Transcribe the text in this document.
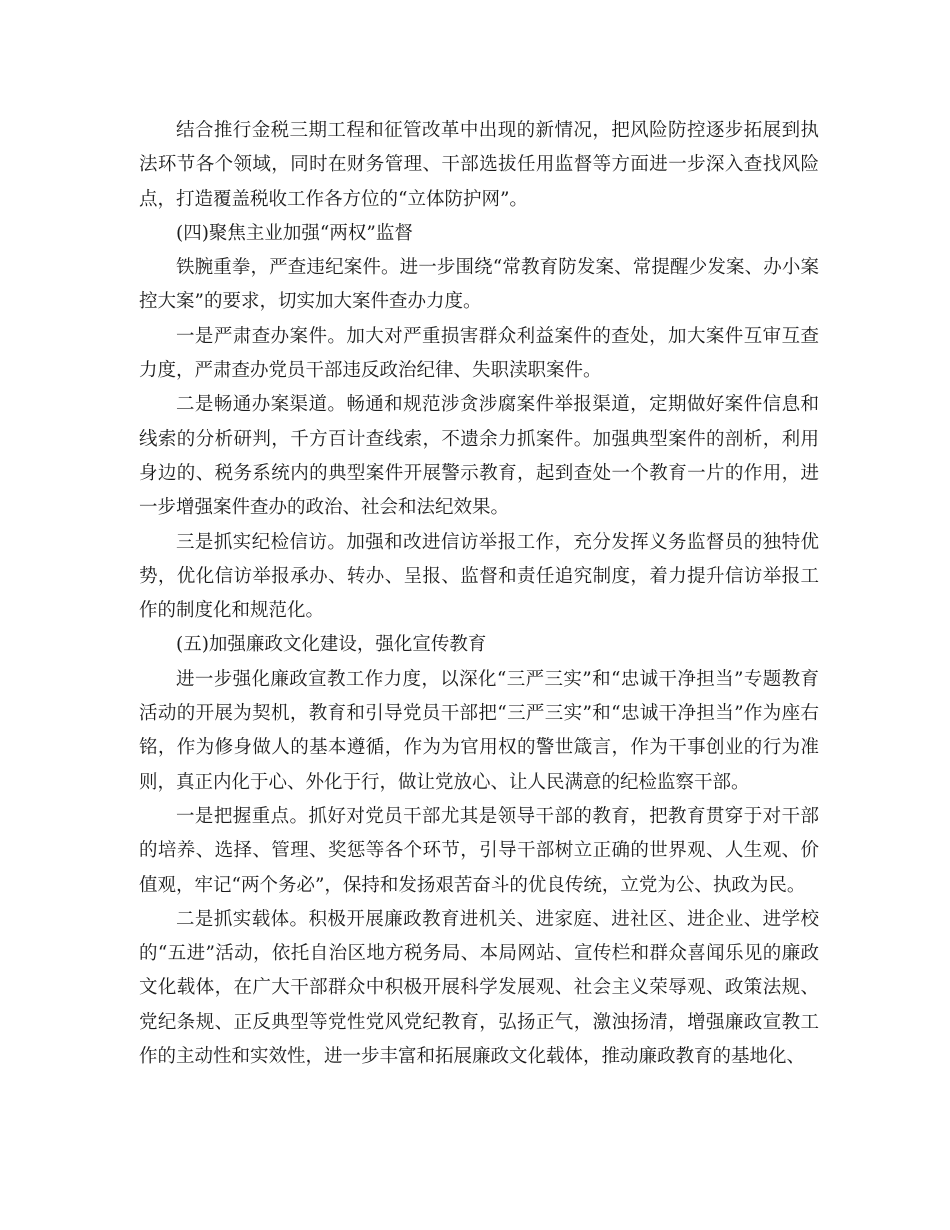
结合推行金税三期工程和征管改革中出现的新情况，把风险防控逐步拓展到执法环节各个领域，同时在财务管理、干部选拔任用监督等方面进一步深入查找风险点，打造覆盖税收工作各方位的“立体防护网”。

(四)聚焦主业加强“两权”监督

铁腕重拳，严查违纪案件。进一步围绕“常教育防发案、常提醒少发案、办小案控大案”的要求，切实加大案件查办力度。

一是严肃查办案件。加大对严重损害群众利益案件的查处，加大案件互审互查力度，严肃查办党员干部违反政治纪律、失职渎职案件。

二是畅通办案渠道。畅通和规范涉贪涉腐案件举报渠道，定期做好案件信息和线索的分析研判，千方百计查线索，不遗余力抓案件。加强典型案件的剖析，利用身边的、税务系统内的典型案件开展警示教育，起到查处一个教育一片的作用，进一步增强案件查办的政治、社会和法纪效果。

三是抓实纪检信访。加强和改进信访举报工作，充分发挥义务监督员的独特优势，优化信访举报承办、转办、呈报、监督和责任追究制度，着力提升信访举报工作的制度化和规范化。

(五)加强廉政文化建设，强化宣传教育

进一步强化廉政宣教工作力度，以深化“三严三实”和“忠诚干净担当”专题教育活动的开展为契机，教育和引导党员干部把“三严三实”和“忠诚干净担当”作为座右铭，作为修身做人的基本遵循，作为为官用权的警世箴言，作为干事创业的行为准则，真正内化于心、外化于行，做让党放心、让人民满意的纪检监察干部。

一是把握重点。抓好对党员干部尤其是领导干部的教育，把教育贯穿于对干部的培养、选择、管理、奖惩等各个环节，引导干部树立正确的世界观、人生观、价值观，牢记“两个务必”，保持和发扬艰苦奋斗的优良传统，立党为公、执政为民。

二是抓实载体。积极开展廉政教育进机关、进家庭、进社区、进企业、进学校的“五进”活动，依托自治区地方税务局、本局网站、宣传栏和群众喜闻乐见的廉政文化载体，在广大干部群众中积极开展科学发展观、社会主义荣辱观、政策法规、党纪条规、正反典型等党性党风党纪教育，弘扬正气，激浊扬清，增强廉政宣教工作的主动性和实效性，进一步丰富和拓展廉政文化载体，推动廉政教育的基地化、
